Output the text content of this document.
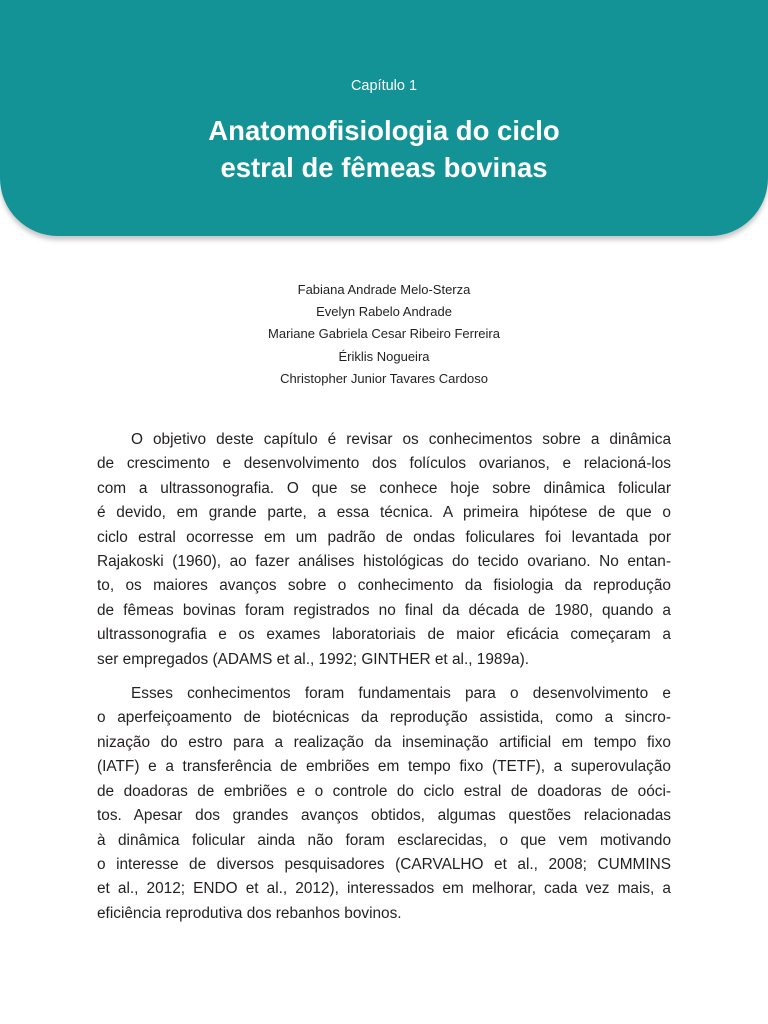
Capítulo 1
Anatomofisiologia do ciclo
estral de fêmeas bovinas
Fabiana Andrade Melo-Sterza
Evelyn Rabelo Andrade
Mariane Gabriela Cesar Ribeiro Ferreira
Ériklis Nogueira
Christopher Junior Tavares Cardoso

O objetivo deste capítulo é revisar os conhecimentos sobre a dinâmica
de crescimento e desenvolvimento dos folículos ovarianos, e relacioná-los
com a ultrassonografia. O que se conhece hoje sobre dinâmica folicular
é devido, em grande parte, a essa técnica. A primeira hipótese de que o
ciclo estral ocorresse em um padrão de ondas foliculares foi levantada por
Rajakoski (1960), ao fazer análises histológicas do tecido ovariano. No entan-
to, os maiores avanços sobre o conhecimento da fisiologia da reprodução
de fêmeas bovinas foram registrados no final da década de 1980, quando a
ultrassonografia e os exames laboratoriais de maior eficácia começaram a
ser empregados (ADAMS et al., 1992; GINTHER et al., 1989a).

Esses conhecimentos foram fundamentais para o desenvolvimento e
o aperfeiçoamento de biotécnicas da reprodução assistida, como a sincro-
nização do estro para a realização da inseminação artificial em tempo fixo
(IATF) e a transferência de embriões em tempo fixo (TETF), a superovulação
de doadoras de embriões e o controle do ciclo estral de doadoras de oóci-
tos. Apesar dos grandes avanços obtidos, algumas questões relacionadas
à dinâmica folicular ainda não foram esclarecidas, o que vem motivando
o interesse de diversos pesquisadores (CARVALHO et al., 2008; CUMMINS
et al., 2012; ENDO et al., 2012), interessados em melhorar, cada vez mais, a
eficiência reprodutiva dos rebanhos bovinos.
